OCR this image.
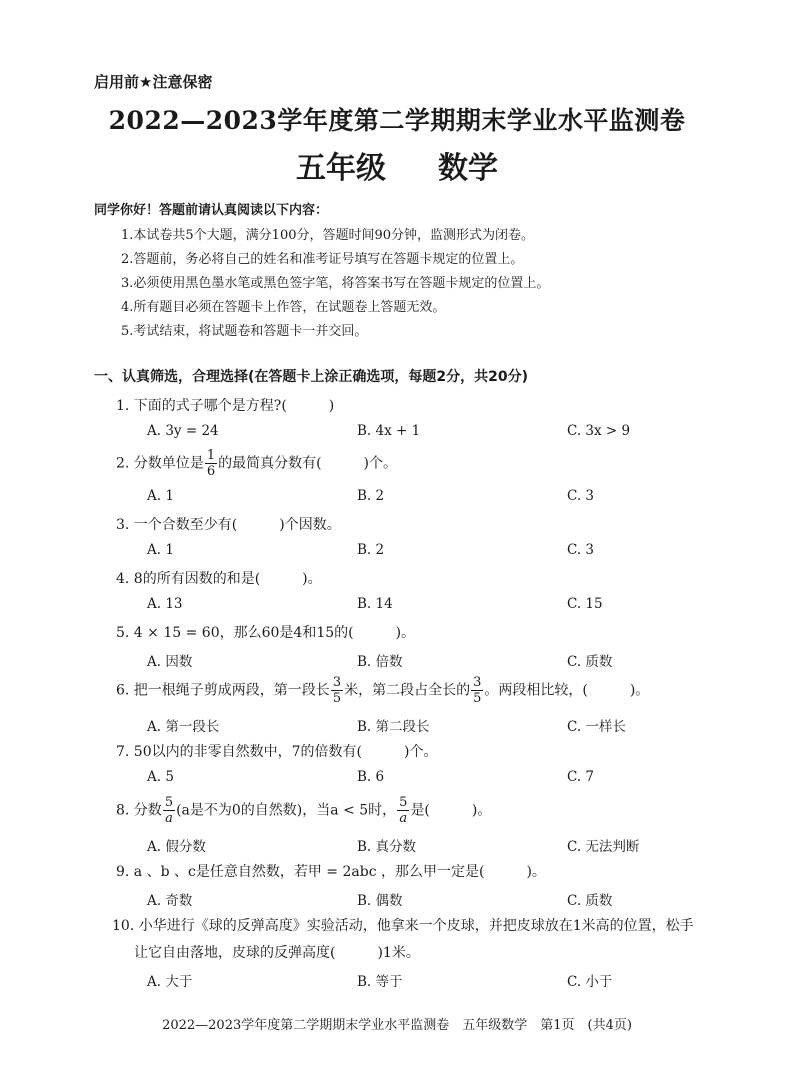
启用前★注意保密
2022—2023学年度第二学期期末学业水平监测卷
五年级 数学
同学你好！答题前请认真阅读以下内容：
1.本试卷共5个大题，满分100分，答题时间90分钟，监测形式为闭卷。
2.答题前，务必将自己的姓名和准考证号填写在答题卡规定的位置上。
3.必须使用黑色墨水笔或黑色签字笔，将答案书写在答题卡规定的位置上。
4.所有题目必须在答题卡上作答，在试题卷上答题无效。
5.考试结束，将试题卷和答题卡一并交回。
一、认真筛选，合理选择(在答题卡上涂正确选项，每题2分，共20分)
1. 下面的式子哪个是方程?(　　　)
A. 3y = 24	B. 4x + 1	C. 3x > 9
2. 分数单位是 $\frac{1}{6}$ 的最简真分数有(　　　)个。
A. 1	B. 2	C. 3
3. 一个合数至少有(　　　)个因数。
A. 1	B. 2	C. 3
4. 8的所有因数的和是(　　　)。
A. 13	B. 14	C. 15
5. 4 × 15 = 60，那么60是4和15的(　　　)。
A. 因数	B. 倍数	C. 质数
6. 把一根绳子剪成两段，第一段长 $\frac{3}{5}$ 米，第二段占全长的 $\frac{3}{5}$ 。两段相比较，(　　　)。
A. 第一段长	B. 第二段长	C. 一样长
7. 50以内的非零自然数中，7的倍数有(　　　)个。
A. 5	B. 6	C. 7
8. 分数 $\frac{5}{a} (a$是不为0的自然数)，当a < 5时， $\frac{5}{a}$ 是(　　　)。
A. 假分数	B. 真分数	C. 无法判断
9. a 、b 、c是任意自然数，若甲 = 2abc ，那么甲一定是(　　　)。
A. 奇数	B. 偶数	C. 质数
10. 小华进行《球的反弹高度》实验活动，他拿来一个皮球，并把皮球放在1米高的位置，松手
让它自由落地，皮球的反弹高度(　　　)1米。
A. 大于	B. 等于	C. 小于
2022—2023学年度第二学期期末学业水平监测卷　五年级数学　第1页　(共4页)
